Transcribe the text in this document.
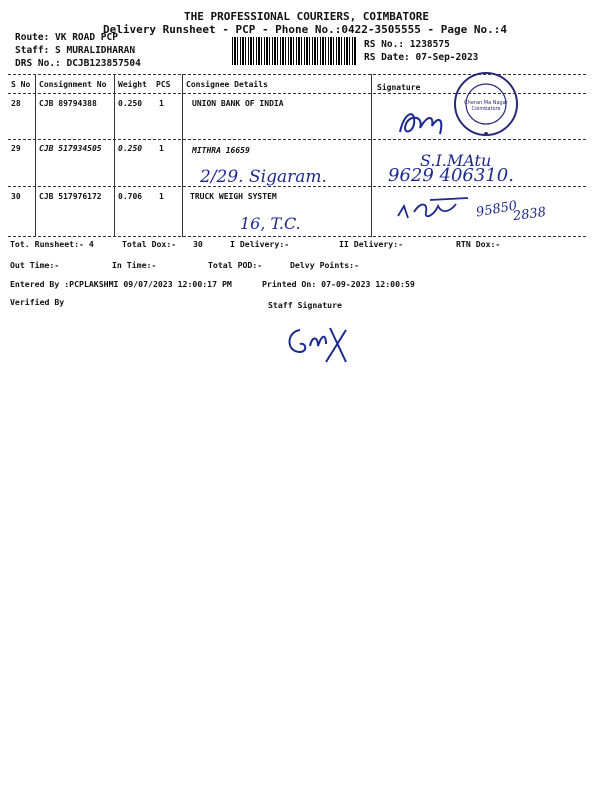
THE PROFESSIONAL COURIERS, COIMBATORE
Delivery Runsheet - PCP - Phone No.:0422-3505555 - Page No.:4
Route: VK ROAD PCP
Staff: S MURALIDHARAN
DRS No.: DCJB123857504
RS No.: 1238575
RS Date: 07-Sep-2023
S No Consignment No Weight PCS Consignee Details	Signature
28 CJB 89794388	0.250 1	UNION BANK OF INDIA
29 CJB 517934505 0.250 1	MITHRA 16659
30 CJB 517976172 0.706 1	TRUCK WEIGH SYSTEM
2/29. Sigaram.
S.I.MAtu
9629 406310.
16, T.C.
95850
2838
Cheran Ma Nagar Coimbatore
Tot. Runsheet:- 4	Total Dox:- 30	I Delivery:-	II Delivery:-	RTN Dox:-
Out Time:-	In Time:-	Total POD:-	Delvy Points:-
Entered By :PCPLAKSHMI 09/07/2023 12:00:17 PM	Printed On: 07-09-2023 12:00:59
Verified By	Staff Signature
